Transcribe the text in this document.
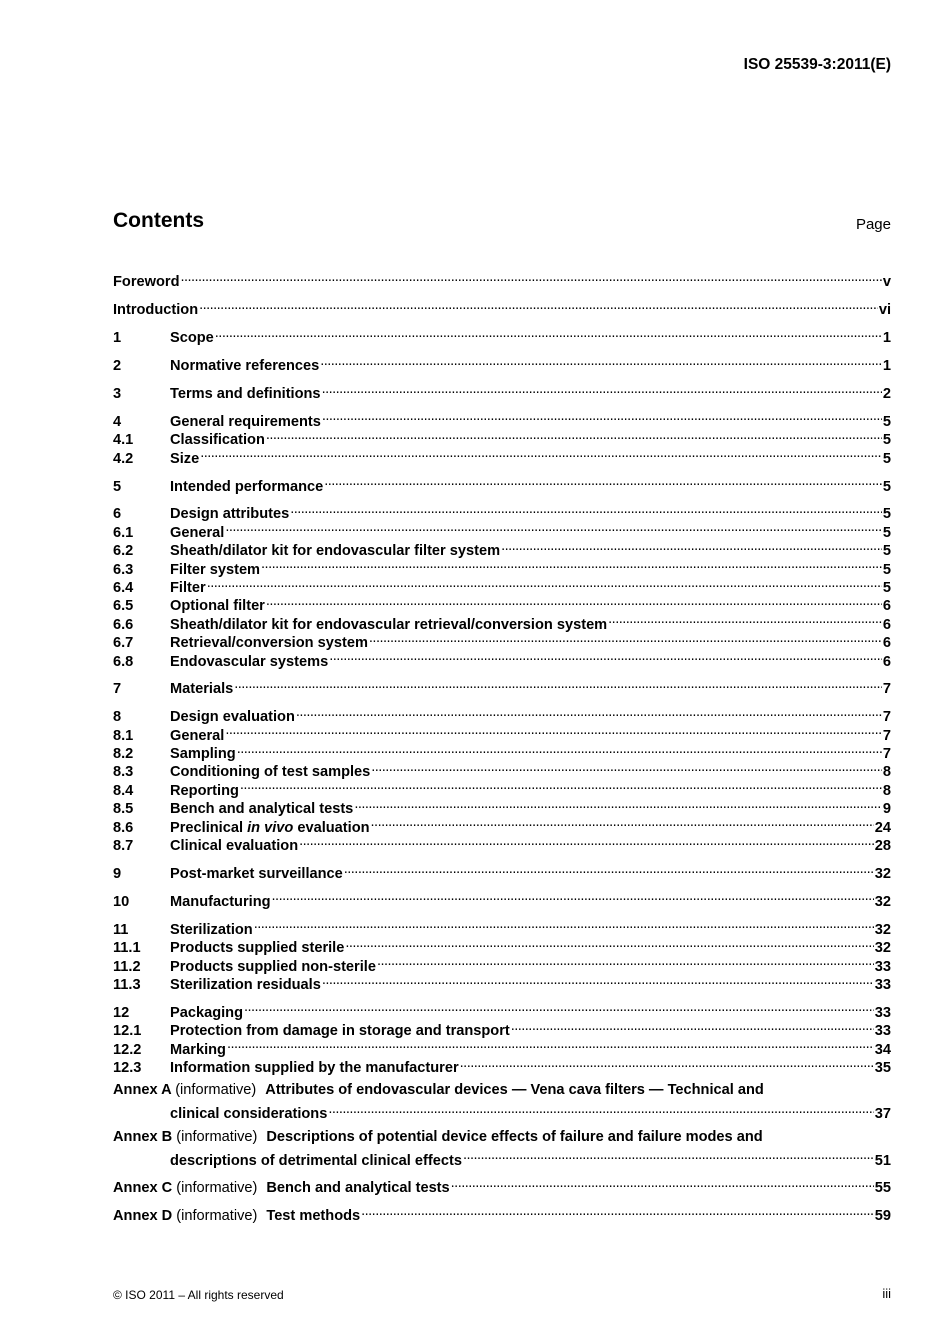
ISO 25539-3:2011(E)
Contents	Page
Foreword . . .	v
Introduction . . .	vi
1	Scope . . .	1
2	Normative references . . .	1
3	Terms and definitions . . .	2
4	General requirements . . .	5
4.1	Classification . . .	5
4.2	Size . . .	5
5	Intended performance . . .	5
6	Design attributes . . .	5
6.1	General . . .	5
6.2	Sheath/dilator kit for endovascular filter system . . .	5
6.3	Filter system . . .	5
6.4	Filter . . .	5
6.5	Optional filter . . .	6
6.6	Sheath/dilator kit for endovascular retrieval/conversion system . . .	6
6.7	Retrieval/conversion system . . .	6
6.8	Endovascular systems . . .	6
7	Materials . . .	7
8	Design evaluation . . .	7
8.1	General . . .	7
8.2	Sampling . . .	7
8.3	Conditioning of test samples . . .	8
8.4	Reporting . . .	8
8.5	Bench and analytical tests . . .	9
8.6	Preclinical in vivo evaluation . . .	24
8.7	Clinical evaluation . . .	28
9	Post-market surveillance . . .	32
10	Manufacturing . . .	32
11	Sterilization . . .	32
11.1	Products supplied sterile . . .	32
11.2	Products supplied non-sterile . . .	33
11.3	Sterilization residuals . . .	33
12	Packaging . . .	33
12.1	Protection from damage in storage and transport . . .	33
12.2	Marking . . .	34
12.3	Information supplied by the manufacturer . . .	35
Annex A (informative) Attributes of endovascular devices — Vena cava filters — Technical and
clinical considerations . . .	37
Annex B (informative) Descriptions of potential device effects of failure and failure modes and
descriptions of detrimental clinical effects . . .	51
Annex C (informative) Bench and analytical tests . . .	55
Annex D (informative) Test methods . . .	59
© ISO 2011 – All rights reserved	iii
